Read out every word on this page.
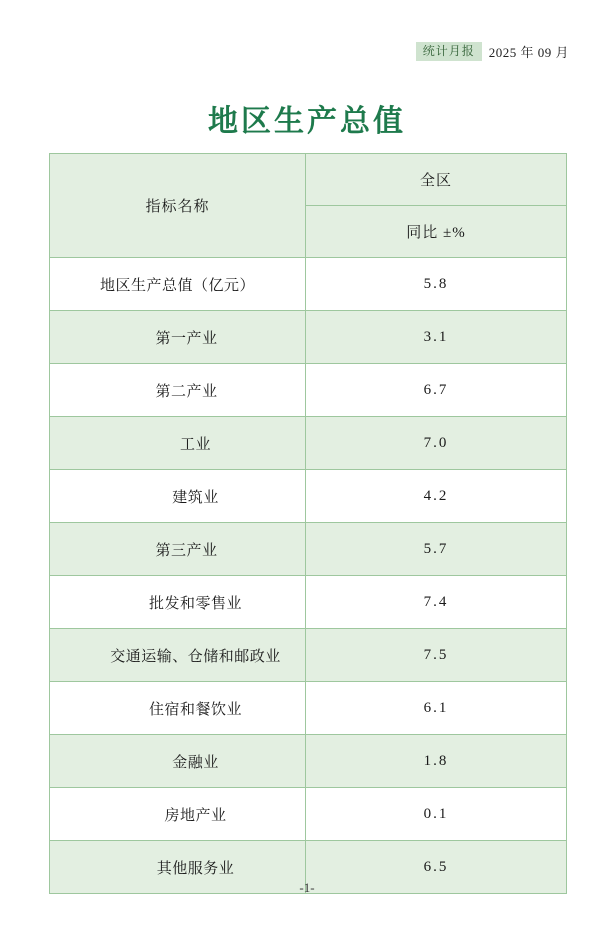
统计月报	2025 年 09 月
地区生产总值
指标名称	全区
	同比 ±%
地区生产总值（亿元）	5.8
第一产业	3.1
第二产业	6.7
工业	7.0
建筑业	4.2
第三产业	5.7
批发和零售业	7.4
交通运输、仓储和邮政业	7.5
住宿和餐饮业	6.1
金融业	1.8
房地产业	0.1
其他服务业	6.5
-1-
